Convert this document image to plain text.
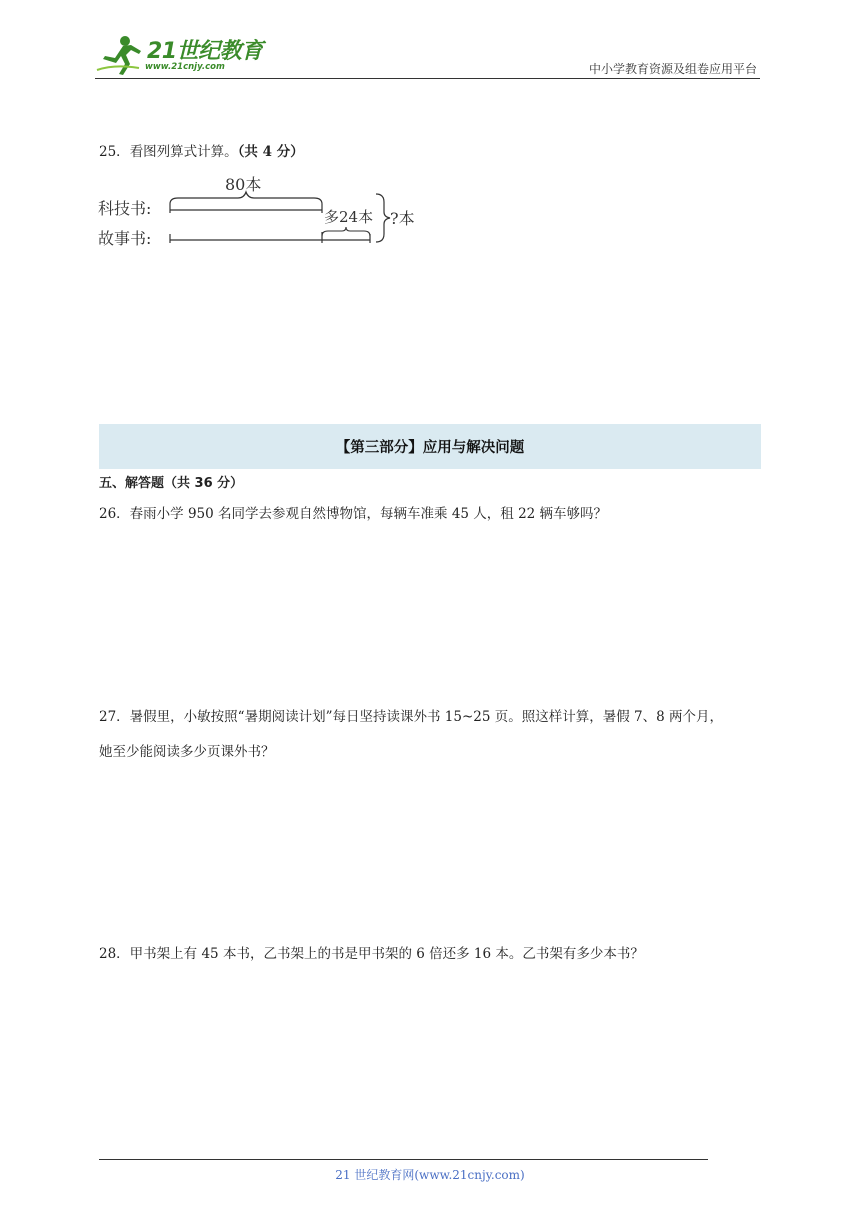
21世纪教育
www.21cnjy.com	中小学教育资源及组卷应用平台
25．看图列算式计算。（共 4 分）
科技书:
故事书:
80本
多24本 ?本
【第三部分】应用与解决问题
五、解答题（共 36 分）
26．春雨小学 950 名同学去参观自然博物馆，每辆车准乘 45 人，租 22 辆车够吗？
27．暑假里，小敏按照“暑期阅读计划”每日坚持读课外书 15~25 页。照这样计算，暑假 7、8 两个月，
她至少能阅读多少页课外书？
28．甲书架上有 45 本书，乙书架上的书是甲书架的 6 倍还多 16 本。乙书架有多少本书？
21 世纪教育网(www.21cnjy.com)
